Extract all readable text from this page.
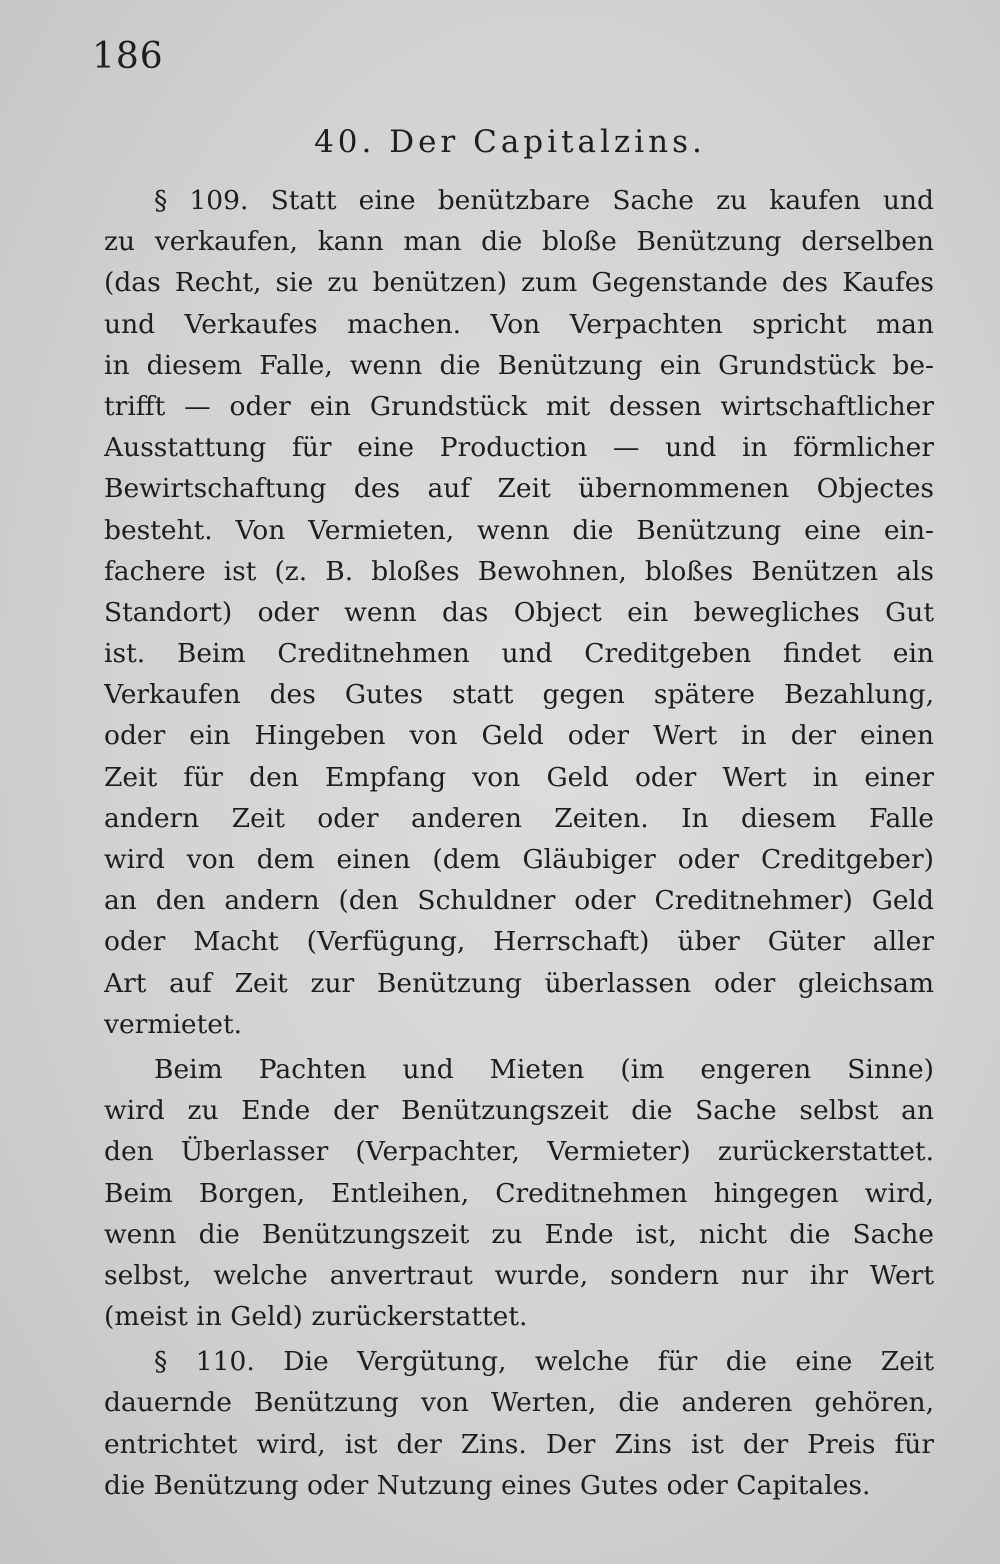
186
40. Der Capitalzins.
§ 109. Statt eine benützbare Sache zu kaufen und
zu verkaufen, kann man die bloße Benützung derselben
(das Recht, sie zu benützen) zum Gegenstande des Kaufes
und Verkaufes machen. Von Verpachten spricht man
in diesem Falle, wenn die Benützung ein Grundstück be-
trifft — oder ein Grundstück mit dessen wirtschaftlicher
Ausstattung für eine Production — und in förmlicher
Bewirtschaftung des auf Zeit übernommenen Objectes
besteht. Von Vermieten, wenn die Benützung eine ein-
fachere ist (z. B. bloßes Bewohnen, bloßes Benützen als
Standort) oder wenn das Object ein bewegliches Gut
ist. Beim Creditnehmen und Creditgeben findet ein
Verkaufen des Gutes statt gegen spätere Bezahlung,
oder ein Hingeben von Geld oder Wert in der einen
Zeit für den Empfang von Geld oder Wert in einer
andern Zeit oder anderen Zeiten. In diesem Falle
wird von dem einen (dem Gläubiger oder Creditgeber)
an den andern (den Schuldner oder Creditnehmer) Geld
oder Macht (Verfügung, Herrschaft) über Güter aller
Art auf Zeit zur Benützung überlassen oder gleichsam
vermietet.
Beim Pachten und Mieten (im engeren Sinne)
wird zu Ende der Benützungszeit die Sache selbst an
den Überlasser (Verpachter, Vermieter) zurückerstattet.
Beim Borgen, Entleihen, Creditnehmen hingegen wird,
wenn die Benützungszeit zu Ende ist, nicht die Sache
selbst, welche anvertraut wurde, sondern nur ihr Wert
(meist in Geld) zurückerstattet.
§ 110. Die Vergütung, welche für die eine Zeit
dauernde Benützung von Werten, die anderen gehören,
entrichtet wird, ist der Zins. Der Zins ist der Preis für
die Benützung oder Nutzung eines Gutes oder Capitales.
